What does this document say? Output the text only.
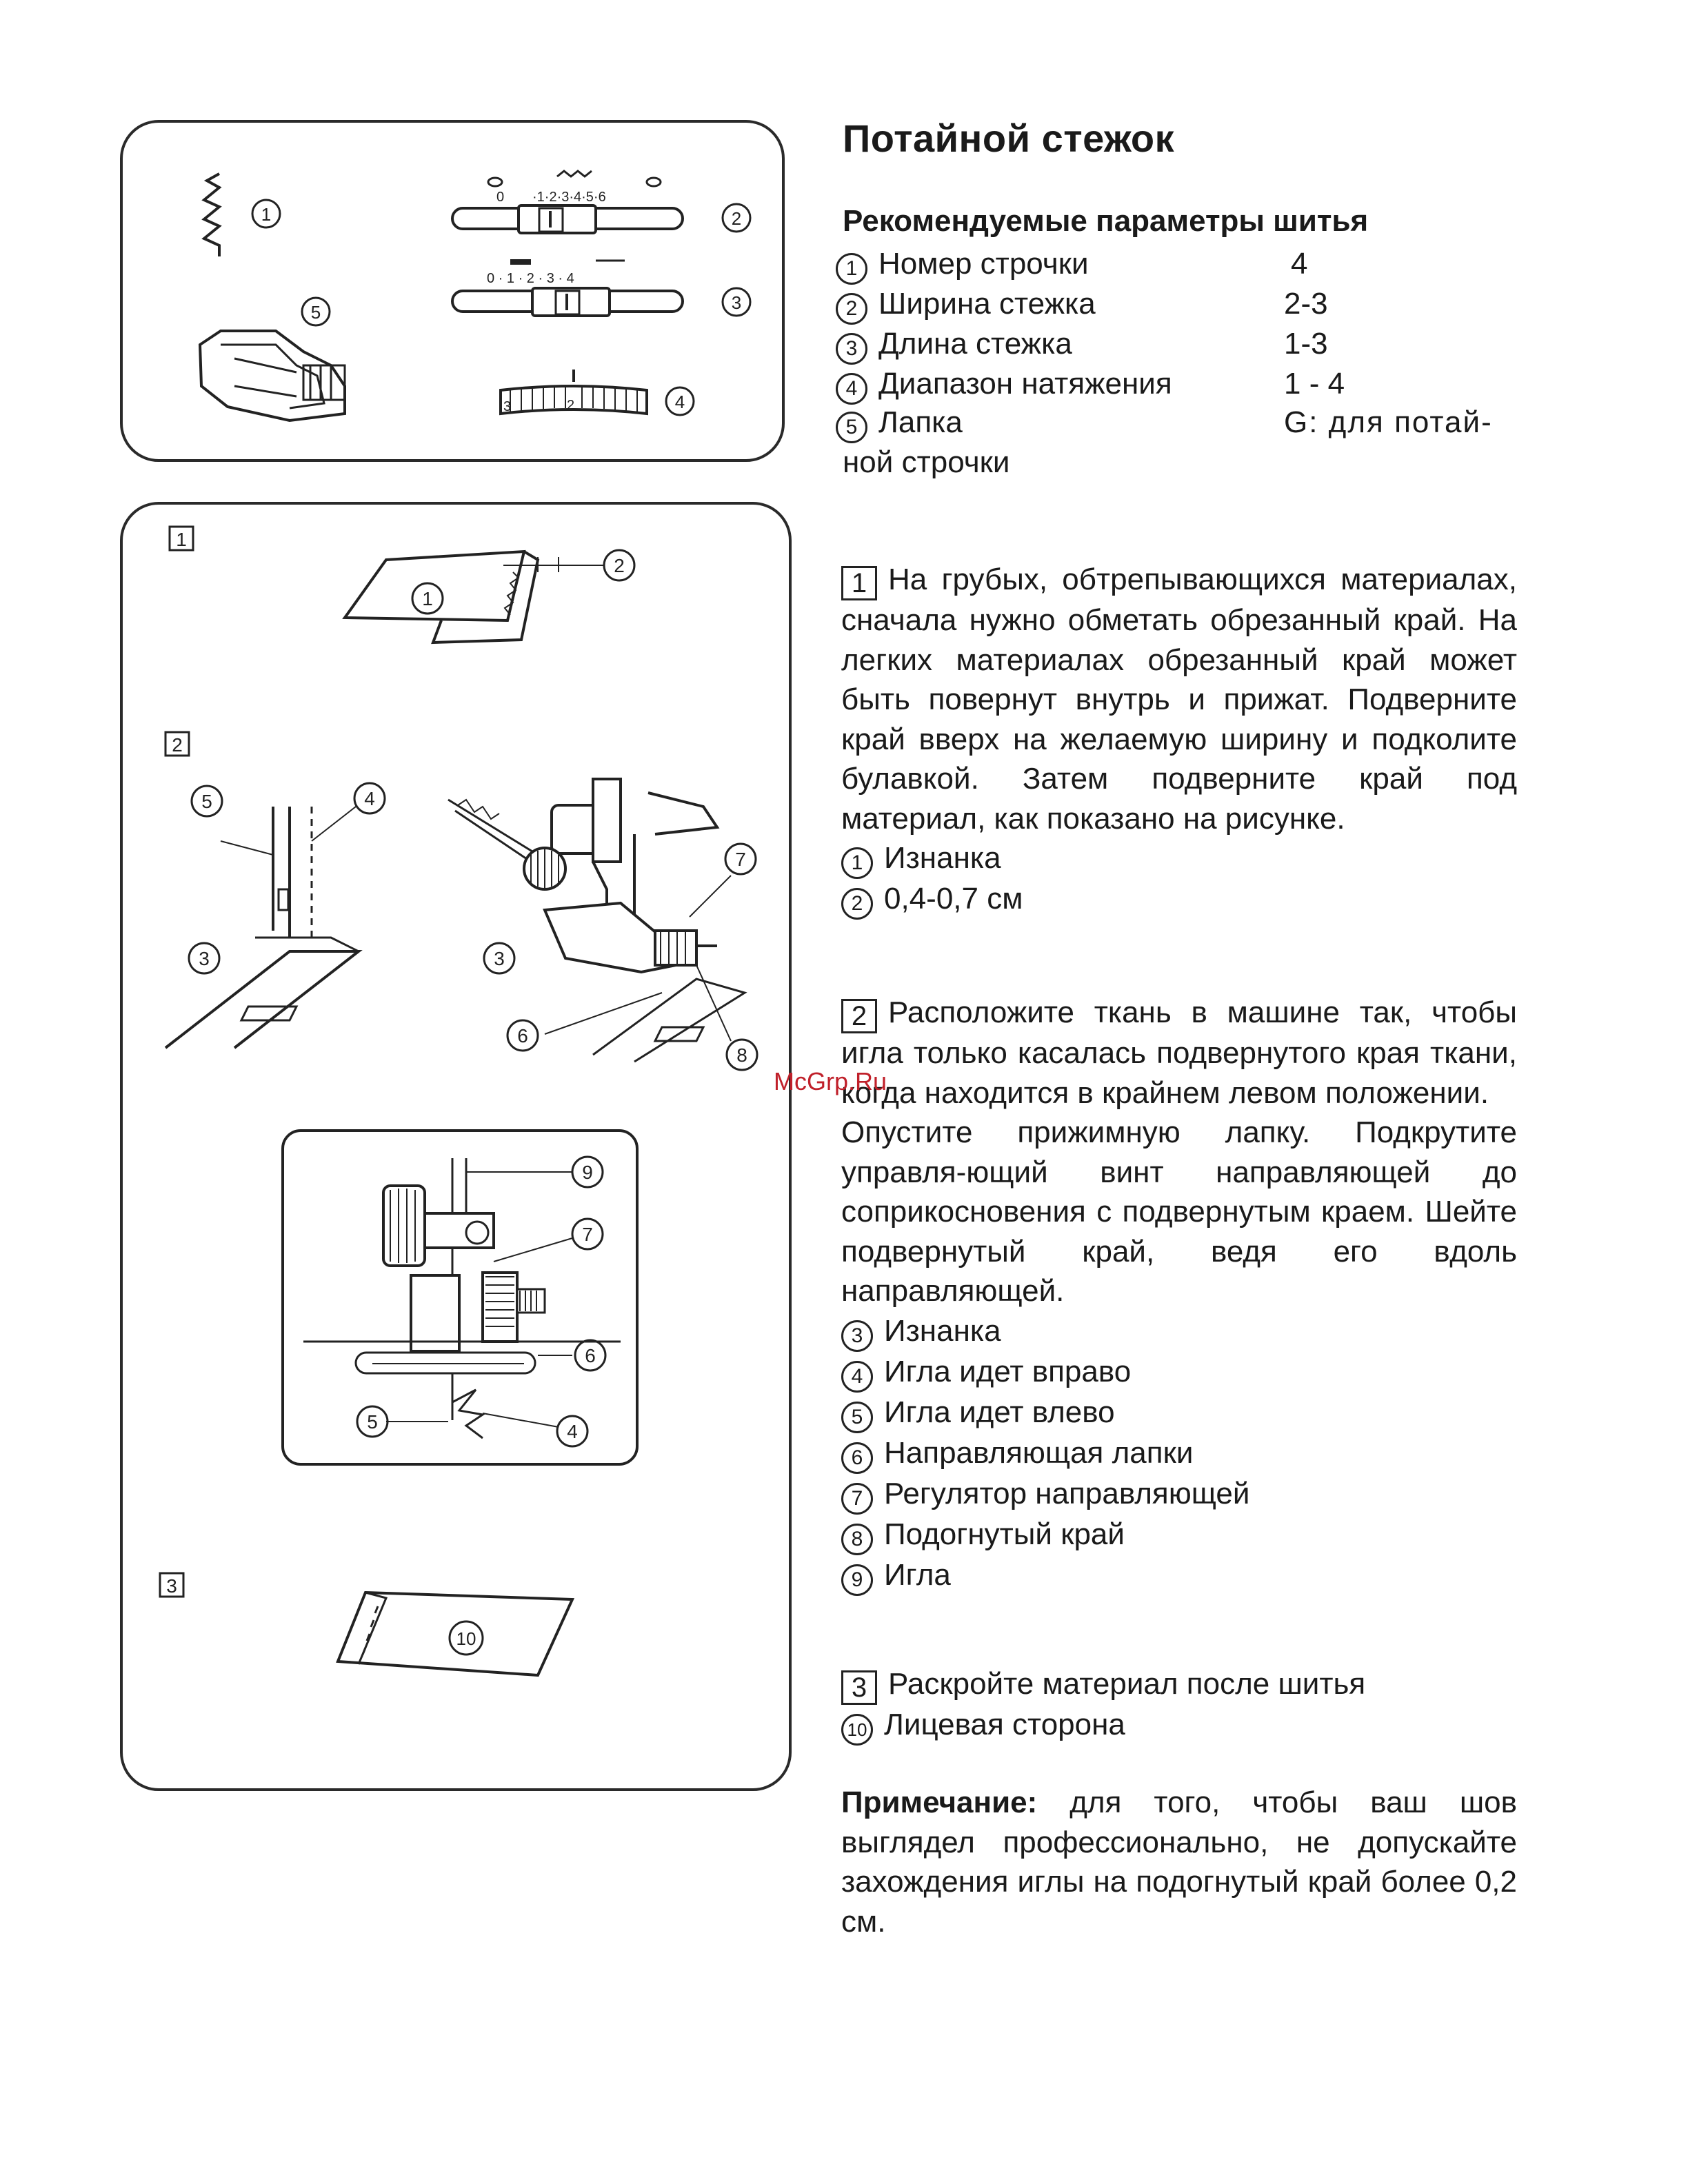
1
5
0 ·1·2·3·4·5·6
2
0 · 1 · 2 · 3 · 4
3
3	2	4
1
1
2
2
5	4
3
7
3
6
8
9
7
6
5	4
3
10
Потайной стежок
Рекомендуемые параметры шитья
1 Номер строчки	4
2 Ширина стежка	2-3
3 Длина стежка	1-3
4 Диапазон натяжения	1 - 4
5 Лапка	G: для потай-
ной строчки
1 На грубых, обтрепывающихся материалах, сначала нужно обметать обрезанный край. На легких материалах обрезанный край может быть повернут внутрь и прижат. Подверните край вверх на желаемую ширину и подколите булавкой. Затем подверните край под материал, как показано на рисунке.
1 Изнанка
2 0,4-0,7 см
2 Расположите ткань в машине так, чтобы игла только касалась подвернутого края ткани, когда находится в крайнем левом положении.
Опустите прижимную лапку. Подкрутите управля-ющий винт направляющей до соприкосновения с подвернутым краем. Шейте подвернутый край, ведя его вдоль направляющей.
3 Изнанка
4 Игла идет вправо
5 Игла идет влево
6 Направляющая лапки
7 Регулятор направляющей
8 Подогнутый край
9 Игла
3 Раскройте материал после шитья
10 Лицевая сторона
Примечание: для того, чтобы ваш шов выглядел профессионально, не допускайте захождения иглы на подогнутый край более 0,2 см.
McGrp.Ru
